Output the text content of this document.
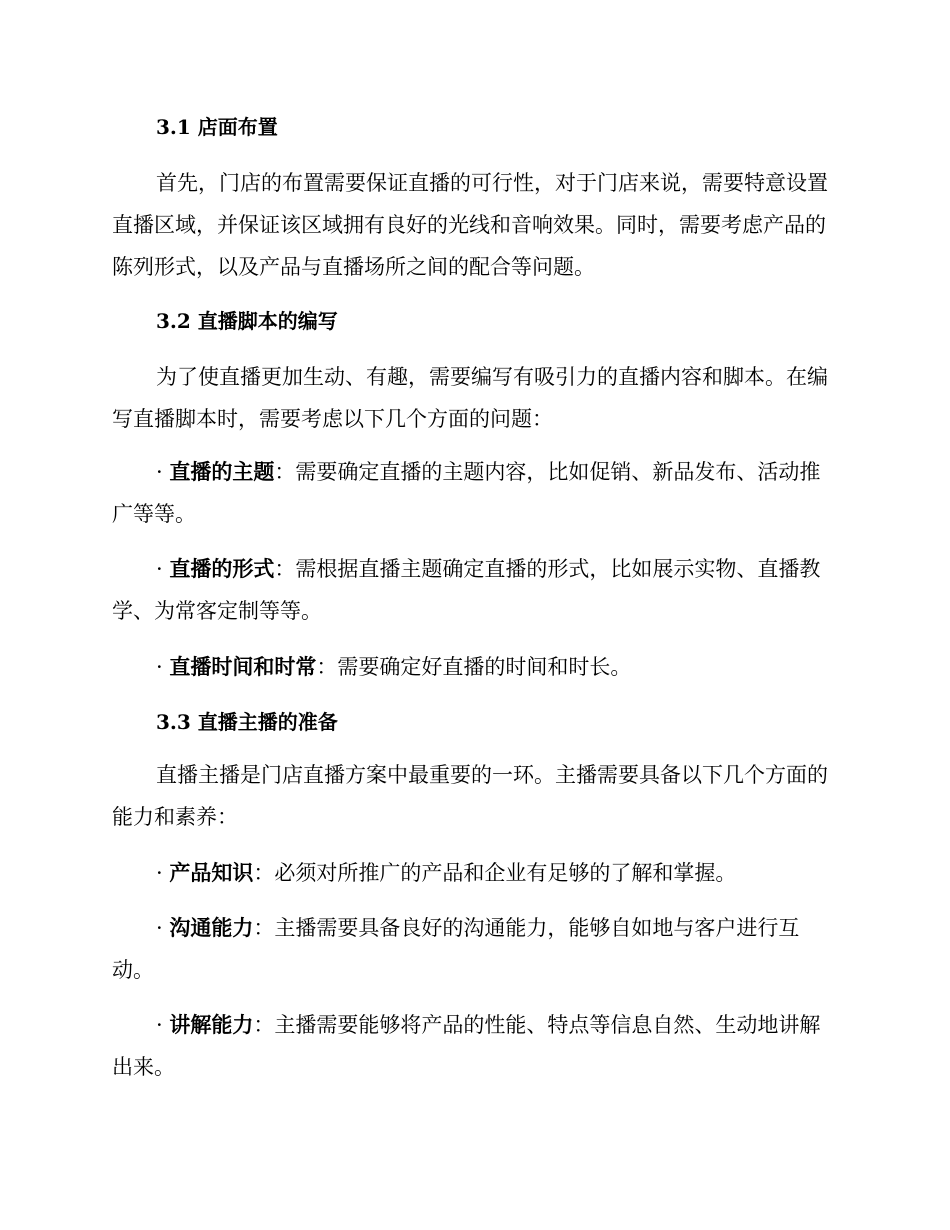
3.1 店面布置

首先，门店的布置需要保证直播的可行性，对于门店来说，需要特意设置直播区域，并保证该区域拥有良好的光线和音响效果。同时，需要考虑产品的陈列形式，以及产品与直播场所之间的配合等问题。

3.2 直播脚本的编写

为了使直播更加生动、有趣，需要编写有吸引力的直播内容和脚本。在编写直播脚本时，需要考虑以下几个方面的问题：

· 直播的主题：需要确定直播的主题内容，比如促销、新品发布、活动推广等等。

· 直播的形式：需根据直播主题确定直播的形式，比如展示实物、直播教学、为常客定制等等。

· 直播时间和时常：需要确定好直播的时间和时长。

3.3 直播主播的准备

直播主播是门店直播方案中最重要的一环。主播需要具备以下几个方面的能力和素养：

· 产品知识：必须对所推广的产品和企业有足够的了解和掌握。

· 沟通能力：主播需要具备良好的沟通能力，能够自如地与客户进行互动。

· 讲解能力：主播需要能够将产品的性能、特点等信息自然、生动地讲解出来。
